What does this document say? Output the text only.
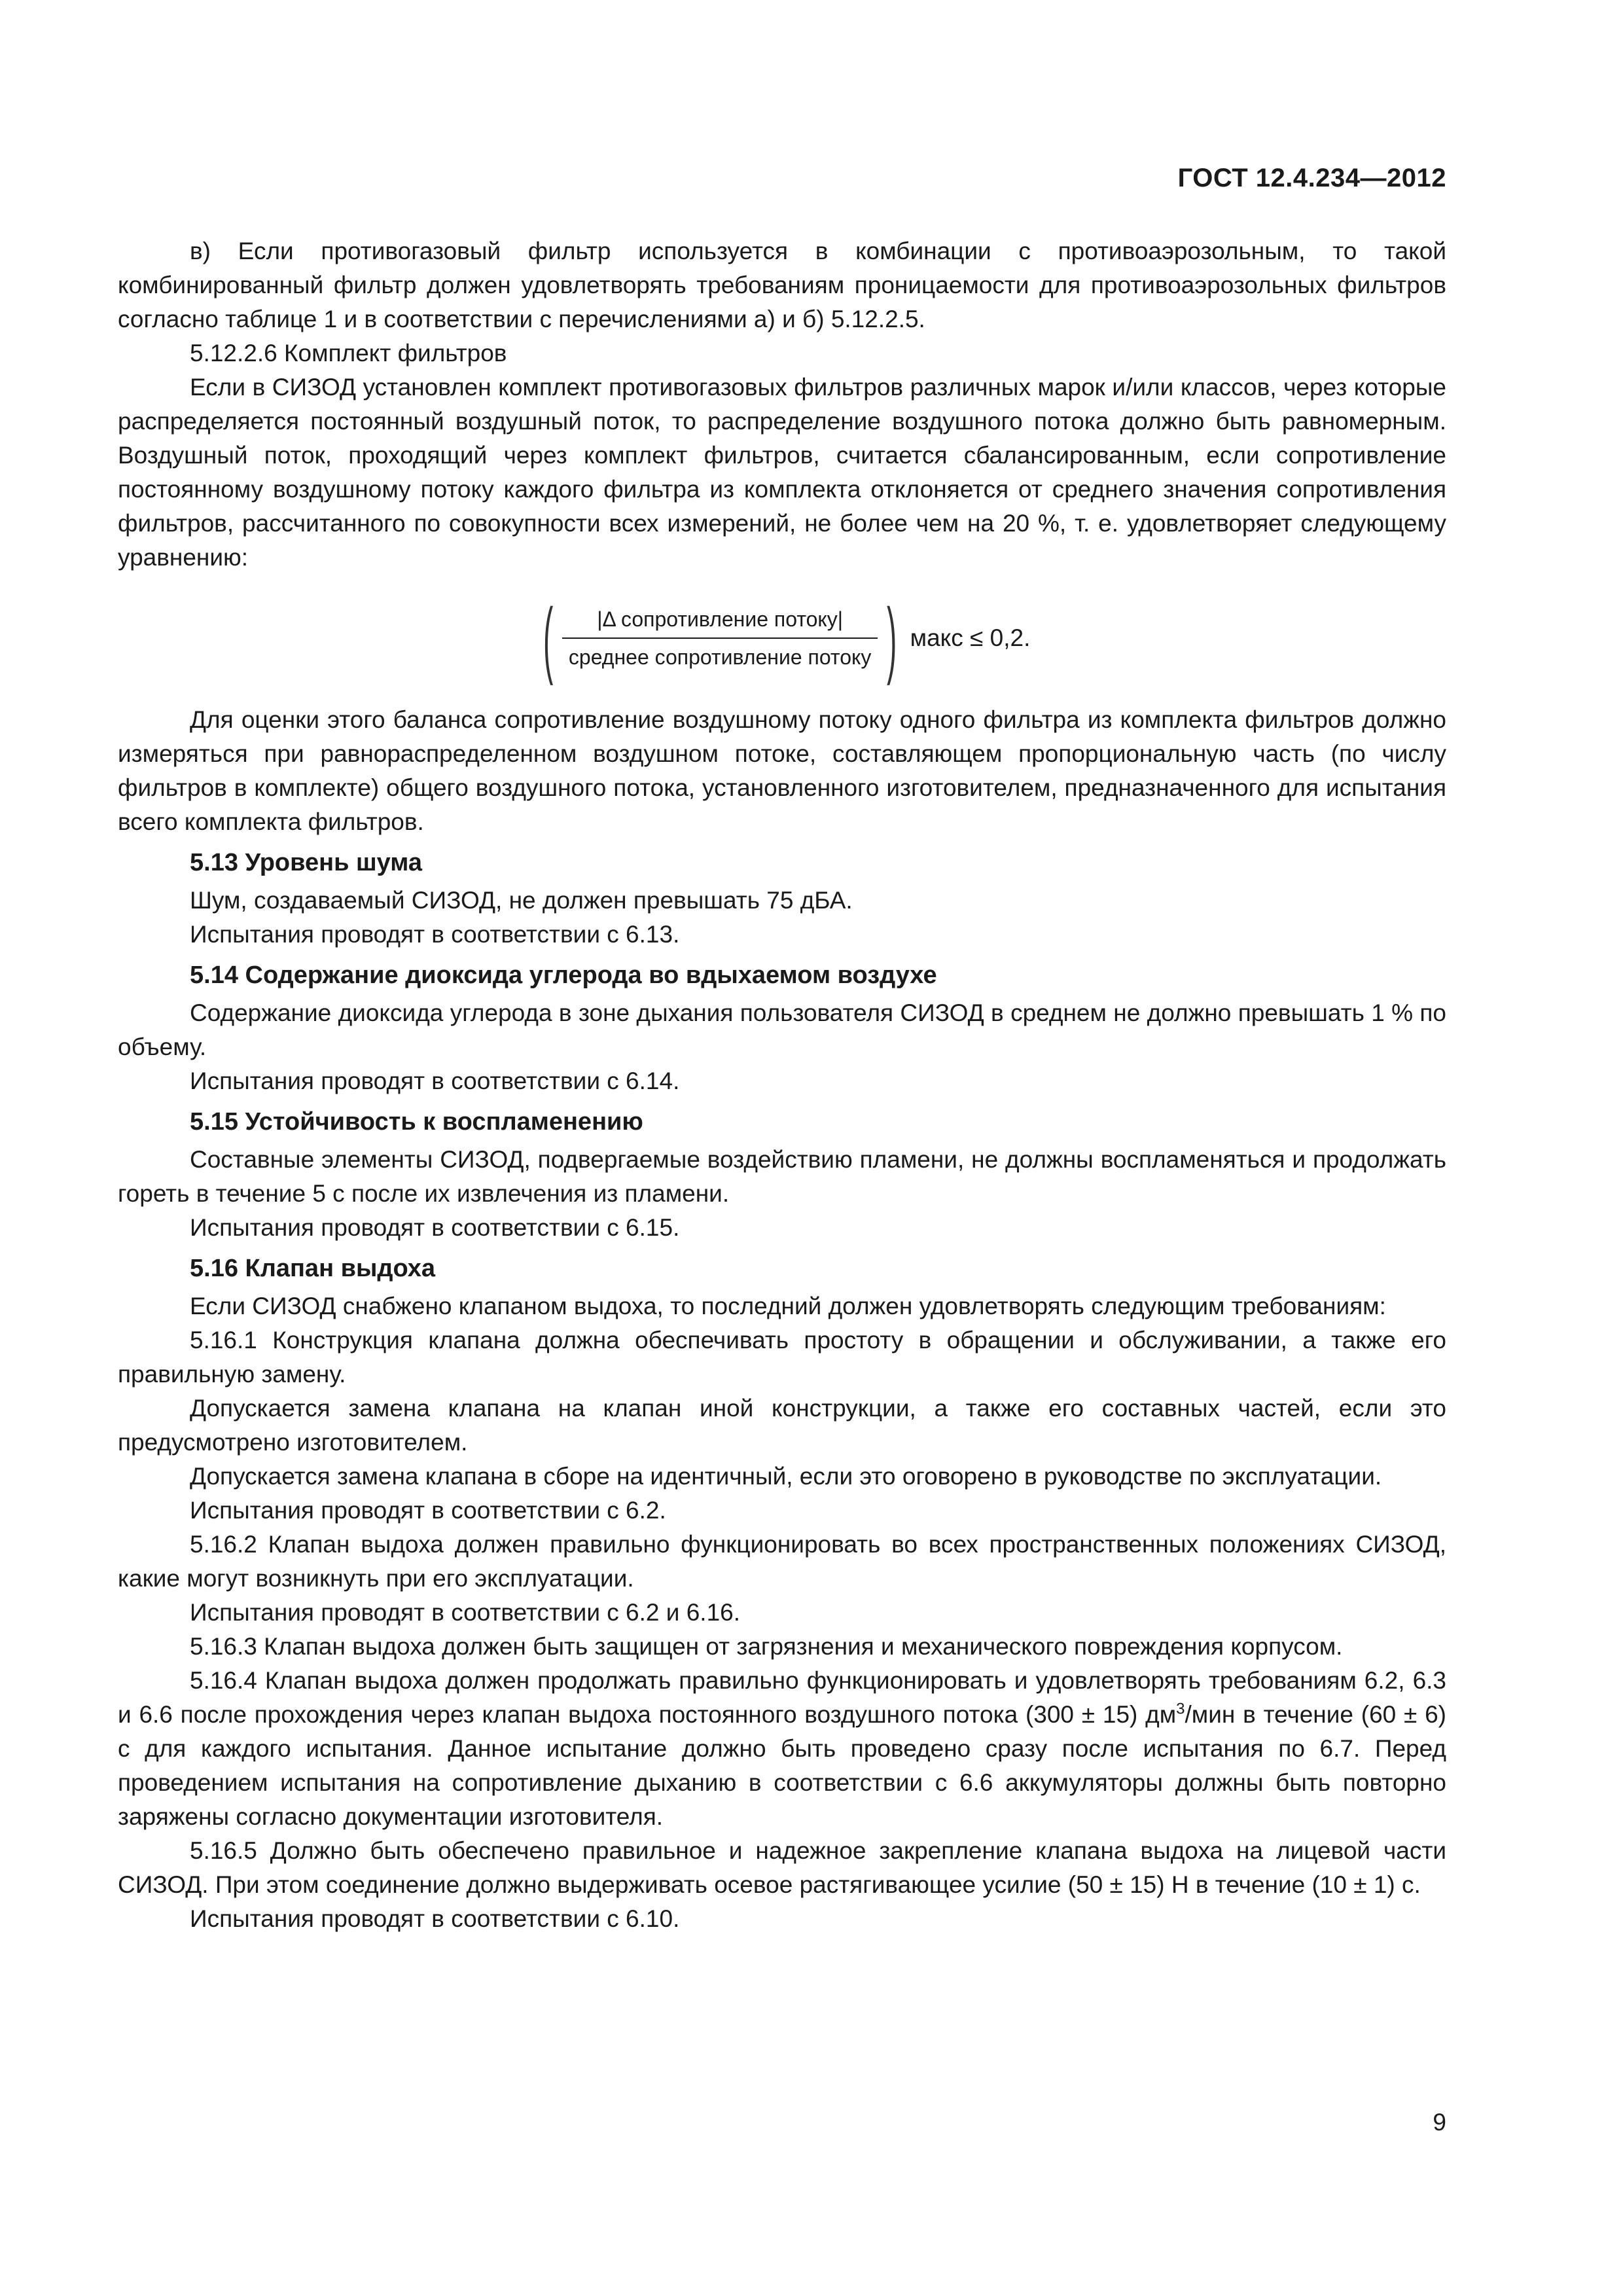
ГОСТ 12.4.234—2012

в) Если противогазовый фильтр используется в комбинации с противоаэрозольным, то такой комбинированный фильтр должен удовлетворять требованиям проницаемости для противоаэрозольных фильтров согласно таблице 1 и в соответствии с перечислениями а) и б) 5.12.2.5.

5.12.2.6 Комплект фильтров

Если в СИЗОД установлен комплект противогазовых фильтров различных марок и/или классов, через которые распределяется постоянный воздушный поток, то распределение воздушного потока должно быть равномерным. Воздушный поток, проходящий через комплект фильтров, считается сбалансированным, если сопротивление постоянному воздушному потоку каждого фильтра из комплекта отклоняется от среднего значения сопротивления фильтров, рассчитанного по совокупности всех измерений, не более чем на 20 %, т. е. удовлетворяет следующему уравнению:

( $\frac{\text{|Δ сопротивление потоку|}}{\text{среднее сопротивление потоку}}$ ) макс ≤ 0,2.

Для оценки этого баланса сопротивление воздушному потоку одного фильтра из комплекта фильтров должно измеряться при равнораспределенном воздушном потоке, составляющем пропорциональную часть (по числу фильтров в комплекте) общего воздушного потока, установленного изготовителем, предназначенного для испытания всего комплекта фильтров.

5.13 Уровень шума

Шум, создаваемый СИЗОД, не должен превышать 75 дБА.

Испытания проводят в соответствии с 6.13.

5.14 Содержание диоксида углерода во вдыхаемом воздухе

Содержание диоксида углерода в зоне дыхания пользователя СИЗОД в среднем не должно превышать 1 % по объему.

Испытания проводят в соответствии с 6.14.

5.15 Устойчивость к воспламенению

Составные элементы СИЗОД, подвергаемые воздействию пламени, не должны воспламеняться и продолжать гореть в течение 5 с после их извлечения из пламени.

Испытания проводят в соответствии с 6.15.

5.16 Клапан выдоха

Если СИЗОД снабжено клапаном выдоха, то последний должен удовлетворять следующим требованиям:

5.16.1 Конструкция клапана должна обеспечивать простоту в обращении и обслуживании, а также его правильную замену.

Допускается замена клапана на клапан иной конструкции, а также его составных частей, если это предусмотрено изготовителем.

Допускается замена клапана в сборе на идентичный, если это оговорено в руководстве по эксплуатации.

Испытания проводят в соответствии с 6.2.

5.16.2 Клапан выдоха должен правильно функционировать во всех пространственных положениях СИЗОД, какие могут возникнуть при его эксплуатации.

Испытания проводят в соответствии с 6.2 и 6.16.

5.16.3 Клапан выдоха должен быть защищен от загрязнения и механического повреждения корпусом.

5.16.4 Клапан выдоха должен продолжать правильно функционировать и удовлетворять требованиям 6.2, 6.3 и 6.6 после прохождения через клапан выдоха постоянного воздушного потока (300 ± 15) $дм^3$/мин в течение (60 ± 6) с для каждого испытания. Данное испытание должно быть проведено сразу после испытания по 6.7. Перед проведением испытания на сопротивление дыханию в соответствии с 6.6 аккумуляторы должны быть повторно заряжены согласно документации изготовителя.

5.16.5 Должно быть обеспечено правильное и надежное закрепление клапана выдоха на лицевой части СИЗОД. При этом соединение должно выдерживать осевое растягивающее усилие (50 ± 15) Н в течение (10 ± 1) с.

Испытания проводят в соответствии с 6.10.

9
